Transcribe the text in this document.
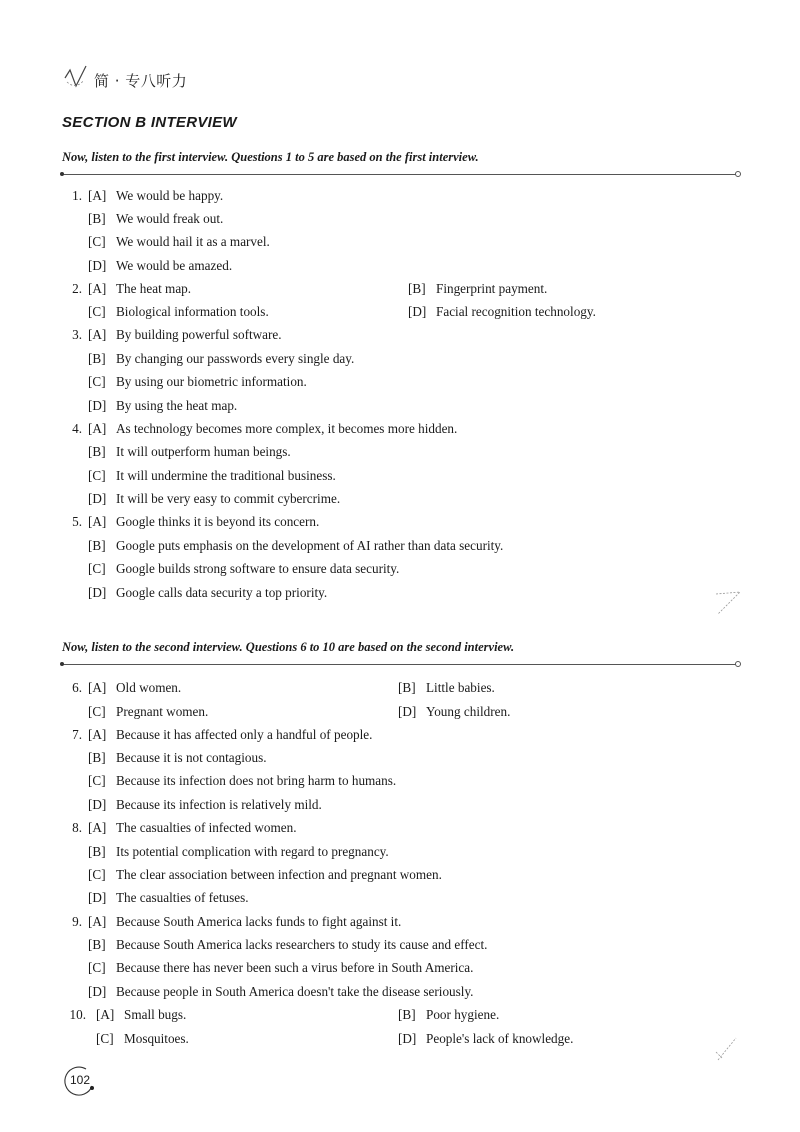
简 · 专八听力
SECTION B INTERVIEW
Now, listen to the first interview. Questions 1 to 5 are based on the first interview.
1. [A] We would be happy.
[B] We would freak out.
[C] We would hail it as a marvel.
[D] We would be amazed.
2. [A] The heat map.	[B] Fingerprint payment.
[C] Biological information tools.	[D] Facial recognition technology.
3. [A] By building powerful software.
[B] By changing our passwords every single day.
[C] By using our biometric information.
[D] By using the heat map.
4. [A] As technology becomes more complex, it becomes more hidden.
[B] It will outperform human beings.
[C] It will undermine the traditional business.
[D] It will be very easy to commit cybercrime.
5. [A] Google thinks it is beyond its concern.
[B] Google puts emphasis on the development of AI rather than data security.
[C] Google builds strong software to ensure data security.
[D] Google calls data security a top priority.
Now, listen to the second interview. Questions 6 to 10 are based on the second interview.
6. [A] Old women.	[B] Little babies.
[C] Pregnant women.	[D] Young children.
7. [A] Because it has affected only a handful of people.
[B] Because it is not contagious.
[C] Because its infection does not bring harm to humans.
[D] Because its infection is relatively mild.
8. [A] The casualties of infected women.
[B] Its potential complication with regard to pregnancy.
[C] The clear association between infection and pregnant women.
[D] The casualties of fetuses.
9. [A] Because South America lacks funds to fight against it.
[B] Because South America lacks researchers to study its cause and effect.
[C] Because there has never been such a virus before in South America.
[D] Because people in South America doesn't take the disease seriously.
10. [A] Small bugs.	[B] Poor hygiene.
[C] Mosquitoes.	[D] People's lack of knowledge.
102
